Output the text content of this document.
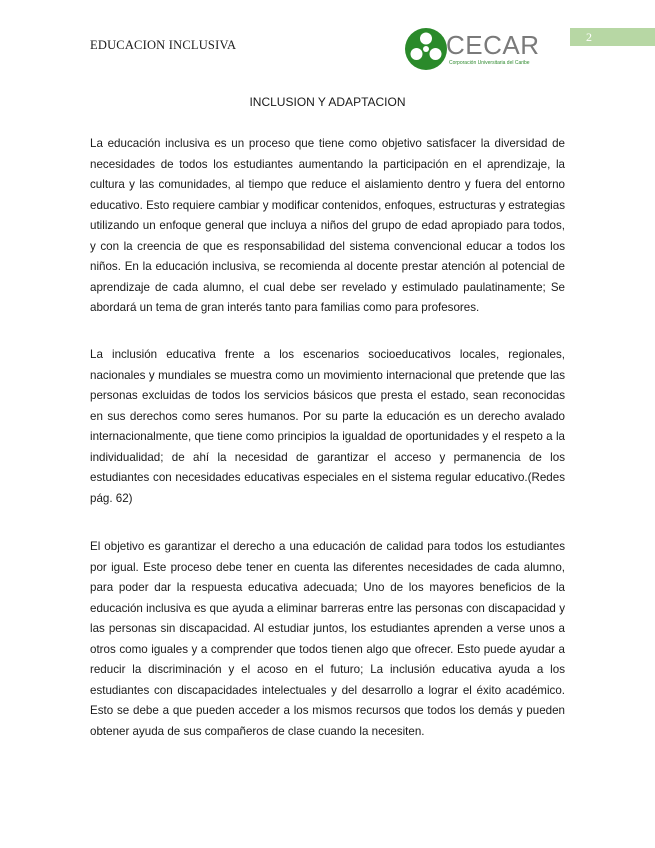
EDUCACION INCLUSIVA
2
CECAR
Corporación Universitaria del Caribe
INCLUSION Y ADAPTACION

La educación inclusiva es un proceso que tiene como objetivo satisfacer la diversidad de necesidades de todos los estudiantes aumentando la participación en el aprendizaje, la cultura y las comunidades, al tiempo que reduce el aislamiento dentro y fuera del entorno educativo. Esto requiere cambiar y modificar contenidos, enfoques, estructuras y estrategias utilizando un enfoque general que incluya a niños del grupo de edad apropiado para todos, y con la creencia de que es responsabilidad del sistema convencional educar a todos los niños. En la educación inclusiva, se recomienda al docente prestar atención al potencial de aprendizaje de cada alumno, el cual debe ser revelado y estimulado paulatinamente; Se abordará un tema de gran interés tanto para familias como para profesores.

La inclusión educativa frente a los escenarios socioeducativos locales, regionales, nacionales y mundiales se muestra como un movimiento internacional que pretende que las personas excluidas de todos los servicios básicos que presta el estado, sean reconocidas en sus derechos como seres humanos. Por su parte la educación es un derecho avalado internacionalmente, que tiene como principios la igualdad de oportunidades y el respeto a la individualidad; de ahí la necesidad de garantizar el acceso y permanencia de los estudiantes con necesidades educativas especiales en el sistema regular educativo.(Redes pág. 62)

El objetivo es garantizar el derecho a una educación de calidad para todos los estudiantes por igual. Este proceso debe tener en cuenta las diferentes necesidades de cada alumno, para poder dar la respuesta educativa adecuada; Uno de los mayores beneficios de la educación inclusiva es que ayuda a eliminar barreras entre las personas con discapacidad y las personas sin discapacidad. Al estudiar juntos, los estudiantes aprenden a verse unos a otros como iguales y a comprender que todos tienen algo que ofrecer. Esto puede ayudar a reducir la discriminación y el acoso en el futuro; La inclusión educativa ayuda a los estudiantes con discapacidades intelectuales y del desarrollo a lograr el éxito académico. Esto se debe a que pueden acceder a los mismos recursos que todos los demás y pueden obtener ayuda de sus compañeros de clase cuando la necesiten.
